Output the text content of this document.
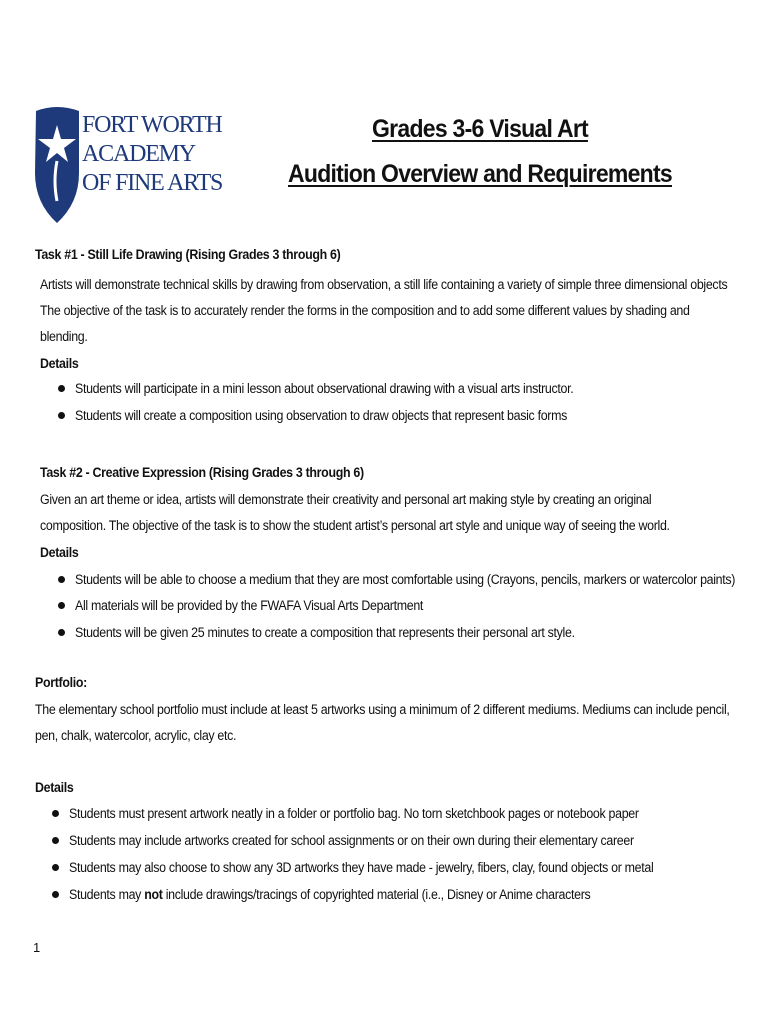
FORT WORTH
ACADEMY
OF FINE ARTS
Grades 3-6 Visual Art
Audition Overview and Requirements
Task #1 - Still Life Drawing (Rising Grades 3 through 6)
Artists will demonstrate technical skills by drawing from observation, a still life containing a variety of simple three dimensional objects
The objective of the task is to accurately render the forms in the composition and to add some different values by shading and
blending.
Details
Students will participate in a mini lesson about observational drawing with a visual arts instructor.
Students will create a composition using observation to draw objects that represent basic forms
Task #2 - Creative Expression (Rising Grades 3 through 6)
Given an art theme or idea, artists will demonstrate their creativity and personal art making style by creating an original
composition. The objective of the task is to show the student artist’s personal art style and unique way of seeing the world.
Details
Students will be able to choose a medium that they are most comfortable using (Crayons, pencils, markers or watercolor paints)
All materials will be provided by the FWAFA Visual Arts Department
Students will be given 25 minutes to create a composition that represents their personal art style.
Portfolio:
The elementary school portfolio must include at least 5 artworks using a minimum of 2 different mediums. Mediums can include pencil,
pen, chalk, watercolor, acrylic, clay etc.
Details
Students must present artwork neatly in a folder or portfolio bag. No torn sketchbook pages or notebook paper
Students may include artworks created for school assignments or on their own during their elementary career
Students may also choose to show any 3D artworks they have made - jewelry, fibers, clay, found objects or metal
Students may not include drawings/tracings of copyrighted material (i.e., Disney or Anime characters
1
